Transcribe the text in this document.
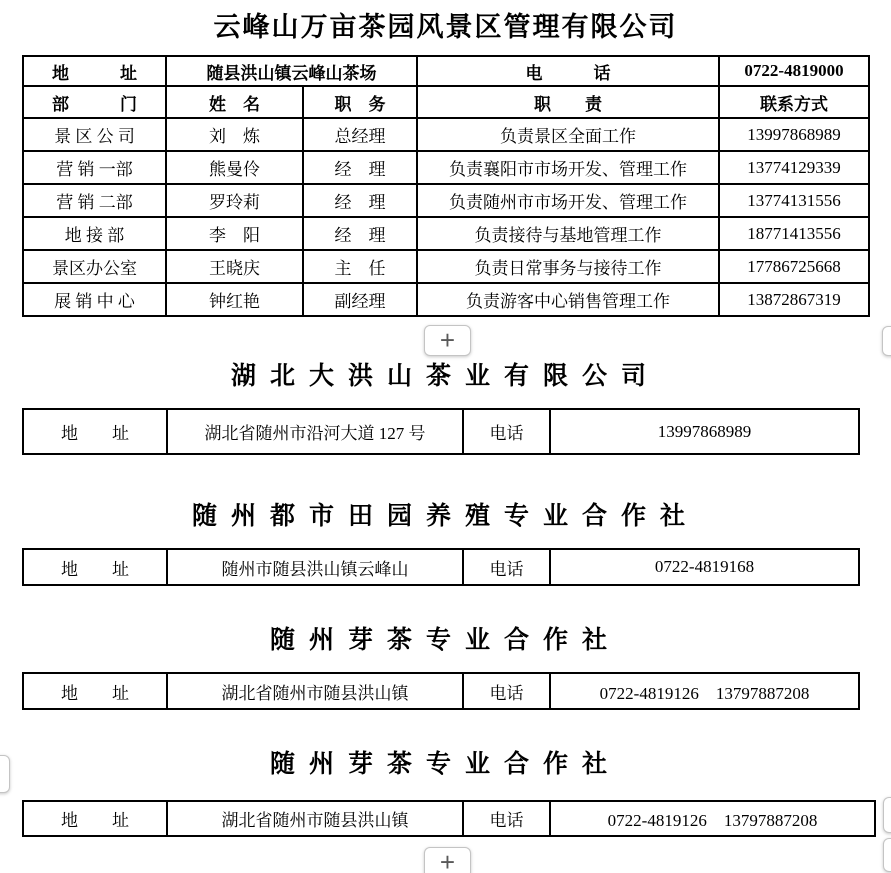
云峰山万亩茶园风景区管理有限公司
地　　　址	随县洪山镇云峰山茶场		电　　　话	0722-4819000
部　　　门	姓　名	职　务	职　　责	联系方式
景 区 公 司	刘　炼	总经理	负责景区全面工作	13997868989
营 销 一部	熊曼伶	经　理	负责襄阳市市场开发、管理工作	13774129339
营 销 二部	罗玲莉	经　理	负责随州市市场开发、管理工作	13774131556
地 接 部	李　阳	经　理	负责接待与基地管理工作	18771413556
景区办公室	王晓庆	主　任	负责日常事务与接待工作	17786725668
展 销 中 心	钟红艳	副经理	负责游客中心销售管理工作	13872867319
+
湖北大洪山茶业有限公司
地　　址	湖北省随州市沿河大道 127 号	电话	13997868989
随州都市田园养殖专业合作社
地　　址	随州市随县洪山镇云峰山	电话	0722-4819168
随州芽茶专业合作社
地　　址	湖北省随州市随县洪山镇	电话	0722-4819126　13797887208
随州芽茶专业合作社
地　　址	湖北省随州市随县洪山镇	电话	0722-4819126　13797887208
+
